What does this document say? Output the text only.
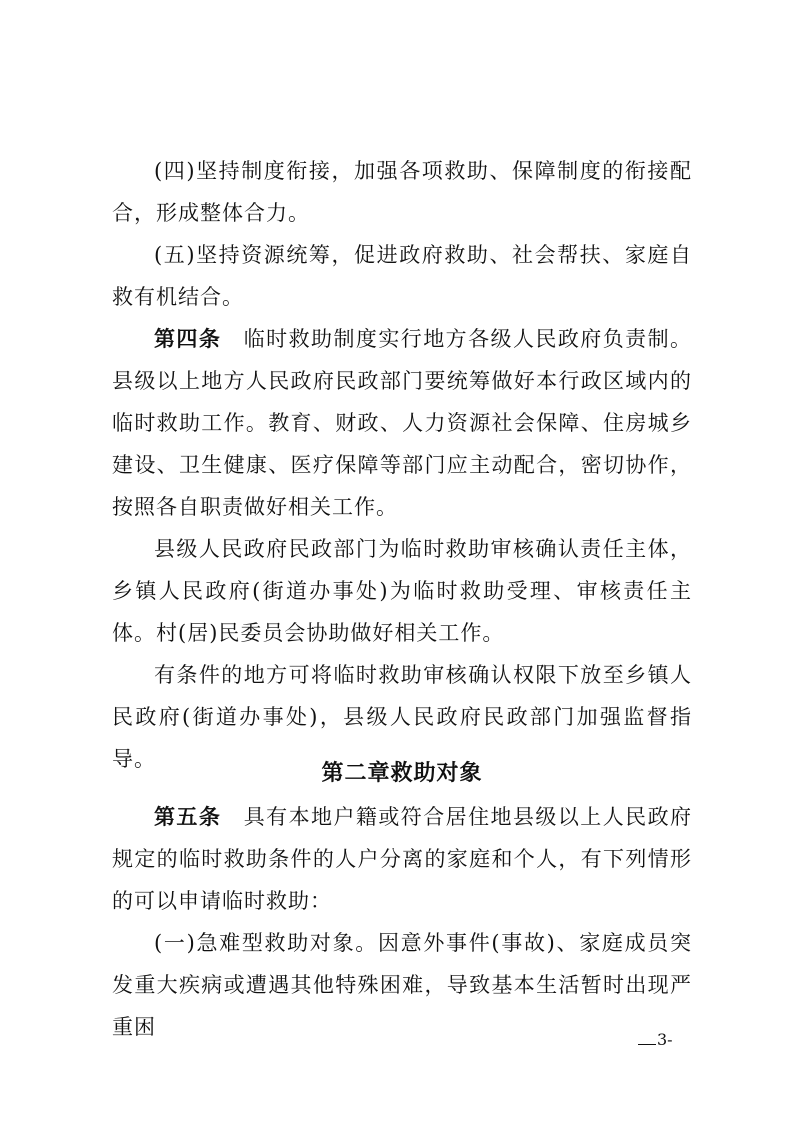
(四)坚持制度衔接，加强各项救助、保障制度的衔接配合，形成整体合力。

(五)坚持资源统筹，促进政府救助、社会帮扶、家庭自救有机结合。

第四条　临时救助制度实行地方各级人民政府负责制。县级以上地方人民政府民政部门要统筹做好本行政区域内的临时救助工作。教育、财政、人力资源社会保障、住房城乡建设、卫生健康、医疗保障等部门应主动配合，密切协作，按照各自职责做好相关工作。

县级人民政府民政部门为临时救助审核确认责任主体，乡镇人民政府(街道办事处)为临时救助受理、审核责任主体。村(居)民委员会协助做好相关工作。

有条件的地方可将临时救助审核确认权限下放至乡镇人民政府(街道办事处)，县级人民政府民政部门加强监督指导。

第二章救助对象

第五条　具有本地户籍或符合居住地县级以上人民政府规定的临时救助条件的人户分离的家庭和个人，有下列情形的可以申请临时救助：

(一)急难型救助对象。因意外事件(事故)、家庭成员突发重大疾病或遭遇其他特殊困难，导致基本生活暂时出现严重困

3-
